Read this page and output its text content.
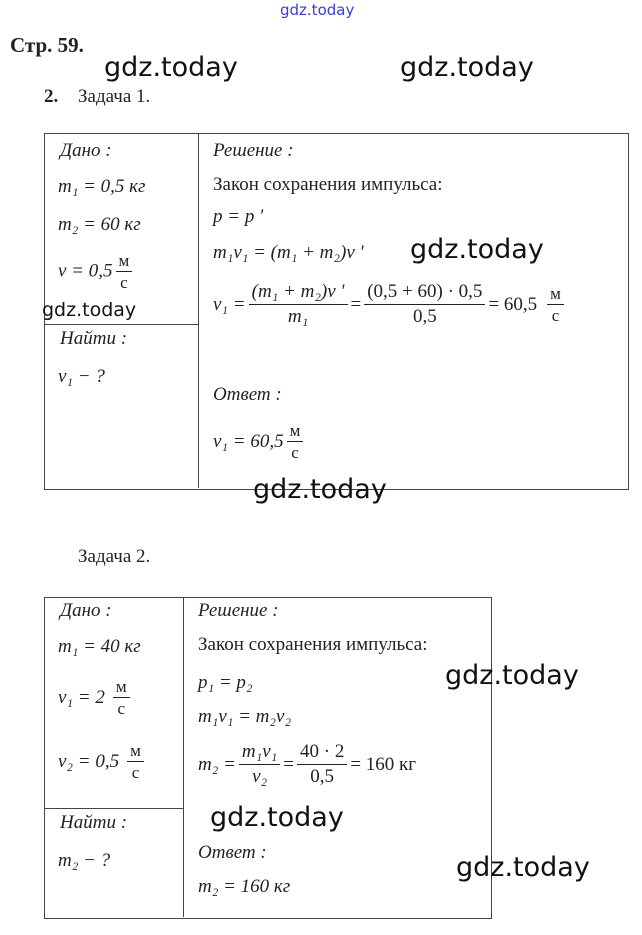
gdz.today
Стр. 59.
2. Задача 1.
Дано :
m₁ = 0,5 кг
m₂ = 60 кг
$v = 0,5 \frac{м}{с}$
Найти :
v₁ − ?
Решение :
Закон сохранения импульса:
p = p '
m₁v₁ = (m₁ + m₂)v '
$v_1 = \frac{\text{(m₁ + m₂)v '}}{\text{m₁}} = \frac{(0,5 + 60) \cdot 0,5}{0,5} = 60,5 \frac{м}{с}$
Ответ :
$v_1 = 60,5 \frac{м}{с}$
Задача 2.
Дано :
m₁ = 40 кг
$v_1 = 2 \frac{м}{с}$
$v_2 = 0,5 \frac{м}{с}$
Найти :
m₂ − ?
Решение :
Закон сохранения импульса:
p₁ = p₂
m₁v₁ = m₂v₂
$m_2 = \frac{\text{m₁v₁}}{\text{v₂}} = \frac{40 \cdot 2}{0,5} = 160$ кг
Ответ :
m₂ = 160 кг
gdz.today	gdz.today
gdz.today
gdz.today
gdz.today
gdz.today
gdz.today
gdz.today
